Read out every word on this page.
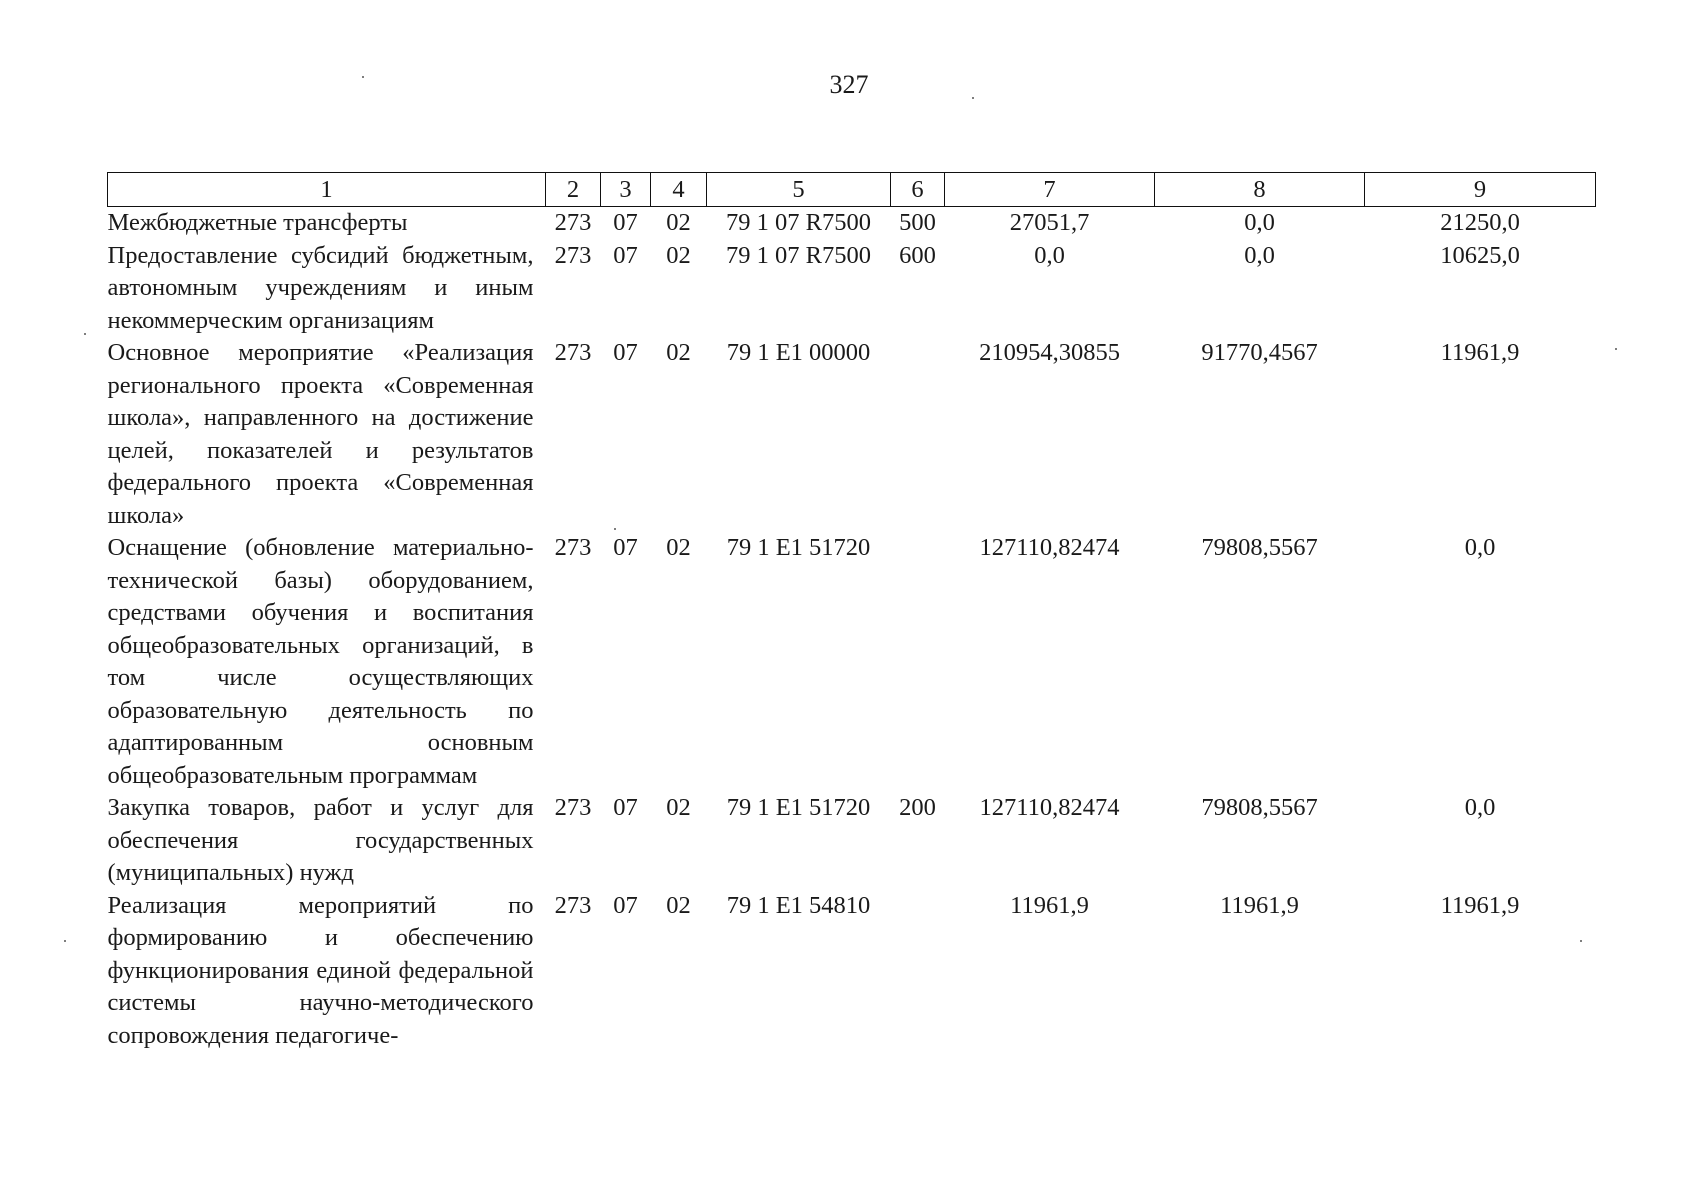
327
1	2	3	4	5	6	7	8	9
Межбюджетные трансферты	273	07	02	79 1 07 R7500	500	27051,7	0,0	21250,0
Предоставление субсидий бюджетным, автономным учреждениям и иным некоммерческим организациям	273	07	02	79 1 07 R7500	600	0,0	0,0	10625,0
Основное мероприятие «Реализация регионального проекта «Современная школа», направленного на достижение целей, показателей и результатов федерального проекта «Современная школа»	273	07	02	79 1 E1 00000		210954,30855	91770,4567	11961,9
Оснащение (обновление материально-технической базы) оборудованием, средствами обучения и воспитания общеобразовательных организаций, в том числе осуществляющих образовательную деятельность по адаптированным основным общеобразовательным программам	273	07	02	79 1 E1 51720		127110,82474	79808,5567	0,0
Закупка товаров, работ и услуг для обеспечения государственных (муниципальных) нужд	273	07	02	79 1 E1 51720	200	127110,82474	79808,5567	0,0
Реализация мероприятий по формированию и обеспечению функционирования единой федеральной системы научно-методического сопровождения педагогиче-	273	07	02	79 1 E1 54810		11961,9	11961,9	11961,9
